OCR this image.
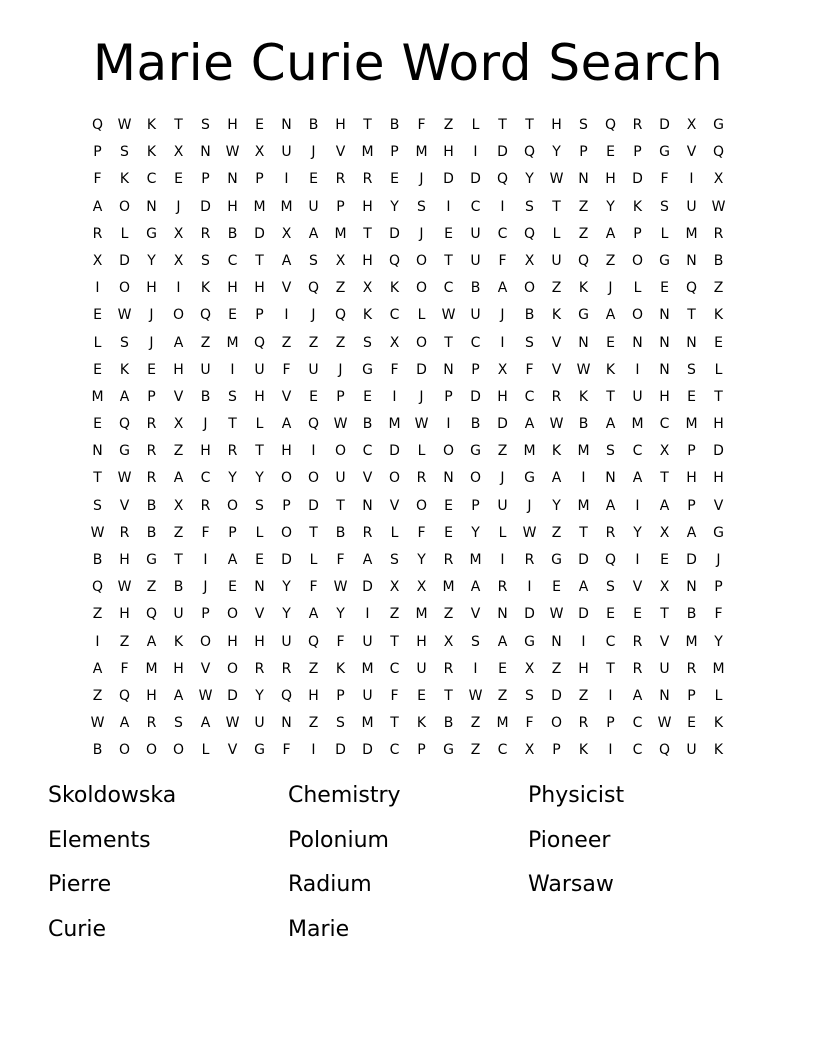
Marie Curie Word Search
Q	W	K	T	S	H	E	N	B	H	T	B	F	Z	L	T	T	H	S	Q	R	D	X	G
P	S	K	X	N	W	X	U	J	V	M	P	M	H	I	D	Q	Y	P	E	P	G	V	Q
F	K	C	E	P	N	P	I	E	R	R	E	J	D	D	Q	Y	W	N	H	D	F	I	X
A	O	N	J	D	H	M	M	U	P	H	Y	S	I	C	I	S	T	Z	Y	K	S	U	W
R	L	G	X	R	B	D	X	A	M	T	D	J	E	U	C	Q	L	Z	A	P	L	M	R
X	D	Y	X	S	C	T	A	S	X	H	Q	O	T	U	F	X	U	Q	Z	O	G	N	B
I	O	H	I	K	H	H	V	Q	Z	X	K	O	C	B	A	O	Z	K	J	L	E	Q	Z
E	W	J	O	Q	E	P	I	J	Q	K	C	L	W	U	J	B	K	G	A	O	N	T	K
L	S	J	A	Z	M	Q	Z	Z	Z	S	X	O	T	C	I	S	V	N	E	N	N	N	E
E	K	E	H	U	I	U	F	U	J	G	F	D	N	P	X	F	V	W	K	I	N	S	L
M	A	P	V	B	S	H	V	E	P	E	I	J	P	D	H	C	R	K	T	U	H	E	T
E	Q	R	X	J	T	L	A	Q	W	B	M	W	I	B	D	A	W	B	A	M	C	M	H
N	G	R	Z	H	R	T	H	I	O	C	D	L	O	G	Z	M	K	M	S	C	X	P	D
T	W	R	A	C	Y	Y	O	O	U	V	O	R	N	O	J	G	A	I	N	A	T	H	H
S	V	B	X	R	O	S	P	D	T	N	V	O	E	P	U	J	Y	M	A	I	A	P	V
W	R	B	Z	F	P	L	O	T	B	R	L	F	E	Y	L	W	Z	T	R	Y	X	A	G
B	H	G	T	I	A	E	D	L	F	A	S	Y	R	M	I	R	G	D	Q	I	E	D	J
Q	W	Z	B	J	E	N	Y	F	W	D	X	X	M	A	R	I	E	A	S	V	X	N	P
Z	H	Q	U	P	O	V	Y	A	Y	I	Z	M	Z	V	N	D	W	D	E	E	T	B	F
I	Z	A	K	O	H	H	U	Q	F	U	T	H	X	S	A	G	N	I	C	R	V	M	Y
A	F	M	H	V	O	R	R	Z	K	M	C	U	R	I	E	X	Z	H	T	R	U	R	M
Z	Q	H	A	W	D	Y	Q	H	P	U	F	E	T	W	Z	S	D	Z	I	A	N	P	L
W	A	R	S	A	W	U	N	Z	S	M	T	K	B	Z	M	F	O	R	P	C	W	E	K
B	O	O	O	L	V	G	F	I	D	D	C	P	G	Z	C	X	P	K	I	C	Q	U	K
Skoldowska	Chemistry	Physicist
Elements	Polonium	Pioneer
Pierre	Radium	Warsaw
Curie	Marie
